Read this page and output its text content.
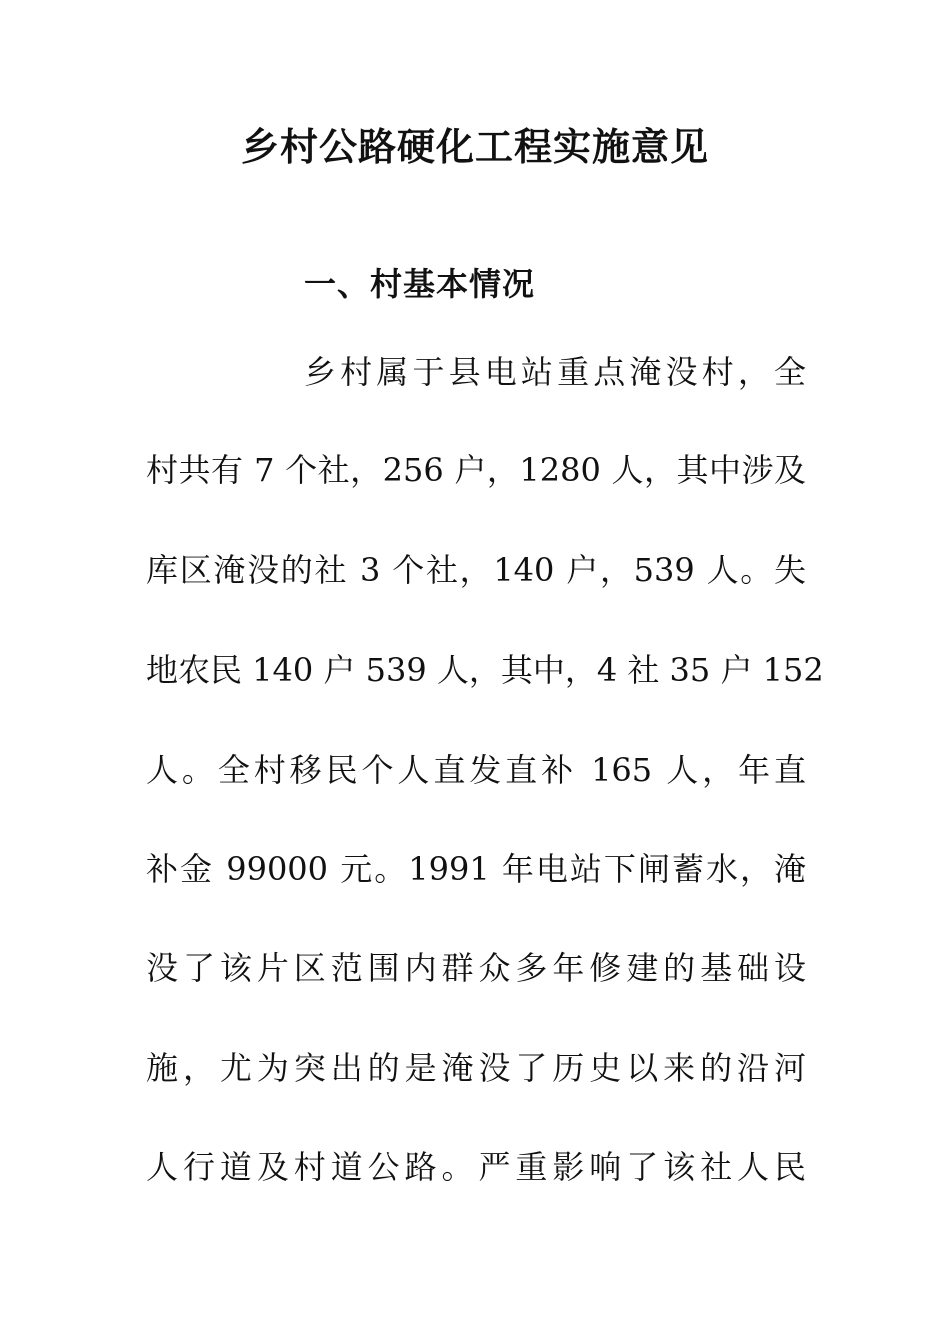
乡村公路硬化工程实施意见
一、村基本情况

乡村属于县电站重点淹没村，全

村共有 7 个社，256 户，1280 人，其中涉及

库区淹没的社 3 个社，140 户，539 人。失

地农民 140 户 539 人，其中，4 社 35 户 152

人。全村移民个人直发直补 165 人，年直

补金 99000 元。1991 年电站下闸蓄水，淹

没了该片区范围内群众多年修建的基础设

施，尤为突出的是淹没了历史以来的沿河

人行道及村道公路。严重影响了该社人民
